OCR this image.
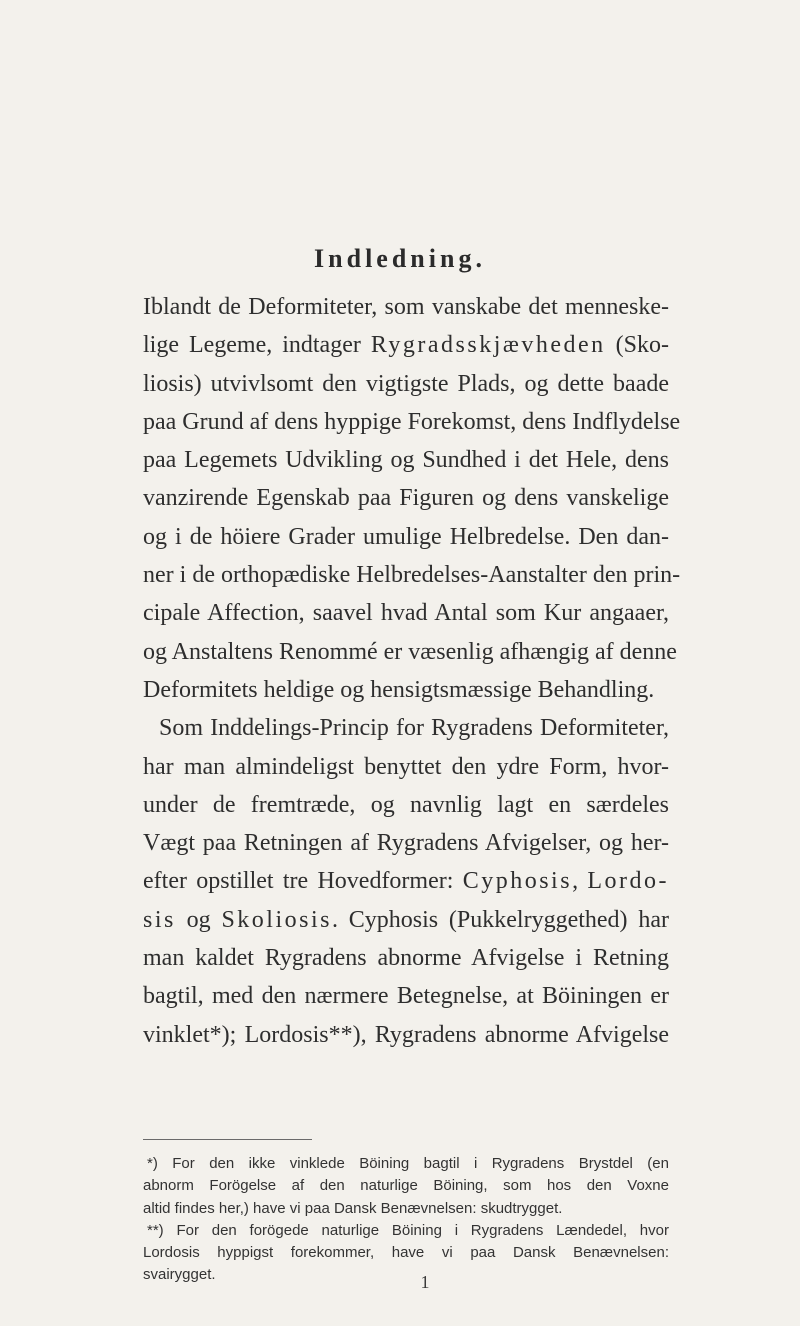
Indledning.
Iblandt de Deformiteter, som vanskabe det menneske-
lige Legeme, indtager Rygradsskjævheden (Sko-
liosis) utvivlsomt den vigtigste Plads, og dette baade
paa Grund af dens hyppige Forekomst, dens Indflydelse
paa Legemets Udvikling og Sundhed i det Hele, dens
vanzirende Egenskab paa Figuren og dens vanskelige
og i de höiere Grader umulige Helbredelse. Den dan-
ner i de orthopædiske Helbredelses-Aanstalter den prin-
cipale Affection, saavel hvad Antal som Kur angaaer,
og Anstaltens Renommé er væsenlig afhængig af denne
Deformitets heldige og hensigtsmæssige Behandling.
Som Inddelings-Princip for Rygradens Deformiteter,
har man almindeligst benyttet den ydre Form, hvor-
under de fremtræde, og navnlig lagt en særdeles
Vægt paa Retningen af Rygradens Afvigelser, og her-
efter opstillet tre Hovedformer: Cyphosis, Lordo-
sis og Skoliosis. Cyphosis (Pukkelryggethed) har
man kaldet Rygradens abnorme Afvigelse i Retning
bagtil, med den nærmere Betegnelse, at Böiningen er
vinklet*); Lordosis**), Rygradens abnorme Afvigelse
*) For den ikke vinklede Böining bagtil i Rygradens Brystdel (en
abnorm Forögelse af den naturlige Böining, som hos den Voxne
altid findes her,) have vi paa Dansk Benævnelsen: skudtrygget.
**) For den forögede naturlige Böining i Rygradens Lændedel, hvor
Lordosis hyppigst forekommer, have vi paa Dansk Benævnelsen:
svairygget.	1
